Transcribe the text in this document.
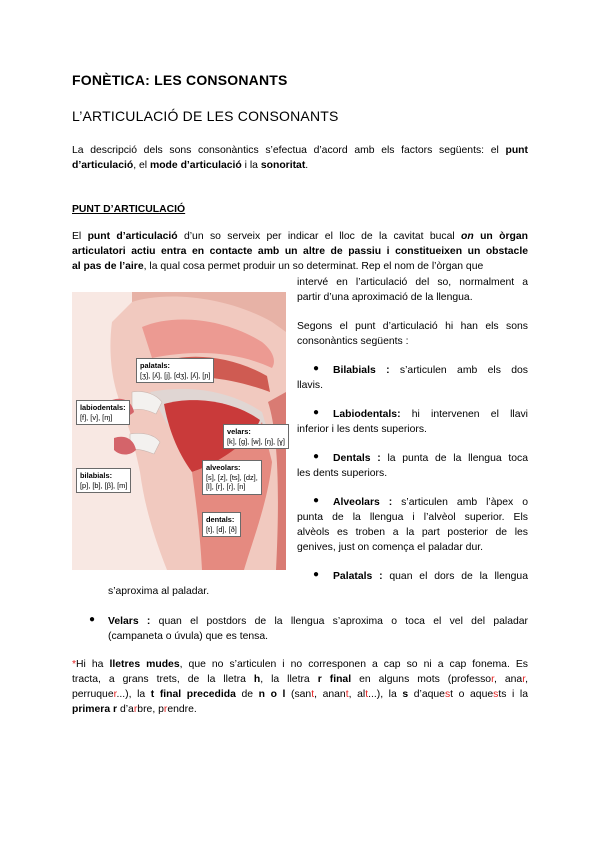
FONÈTICA: LES CONSONANTS
L’ARTICULACIÓ DE LES CONSONANTS
La descripció dels sons consonàntics s’efectua d’acord amb els factors següents: el punt
d’articulació, el mode d’articulació i la sonoritat.
PUNT D’ARTICULACIÓ
El punt d’articulació d’un so serveix per indicar el lloc de la cavitat bucal on un òrgan
articulatori actiu entra en contacte amb un altre de passiu i constitueixen un obstacle
al pas de l’aire, la qual cosa permet produir un so determinat. Rep el nom de l’òrgan que
intervé en l’articulació del so, normalment a
partir d’una aproximació de la llengua.
Segons el punt d’articulació hi han els sons
consonàntics següents :
● Bilabials : s’articulen amb els dos
llavis.
● Labiodentals: hi intervenen el llavi
inferior i les dents superiors.
● Dentals : la punta de la llengua toca
les dents superiors.
● Alveolars : s’articulen amb l’àpex o
punta de la llengua i l’alvèol superior. Els
alvèols es troben a la part posterior de les
genives, just on comença el paladar dur.
● Palatals : quan el dors de la llengua
s’aproxima al paladar.
● Velars : quan el postdors de la llengua s’aproxima o toca el vel del paladar
(campaneta o úvula) que es tensa.
*Hi ha lletres mudes, que no s’articulen i no corresponen a cap so ni a cap fonema. Es
tracta, a grans trets, de la lletra h, la lletra r final en alguns mots (professor, anar,
perruquer...), la t final precedida de n o l (sant, anant, alt...), la s d’aquest o aquests i la
primera r d’arbre, prendre.
palatals:
[ʒ], [ʎ], [j], [dʒ], [ʎ], [ɲ]
labiodentals:
[f], [v], [ɱ]
velars:
[k], [g], [w], [ŋ], [ɣ]
alveolars:
[s], [z], [ts], [dz],
[l], [r], [ɾ], [n]
bilabials:
[p], [b], [β], [m]
dentals:
[t], [d], [ð]
